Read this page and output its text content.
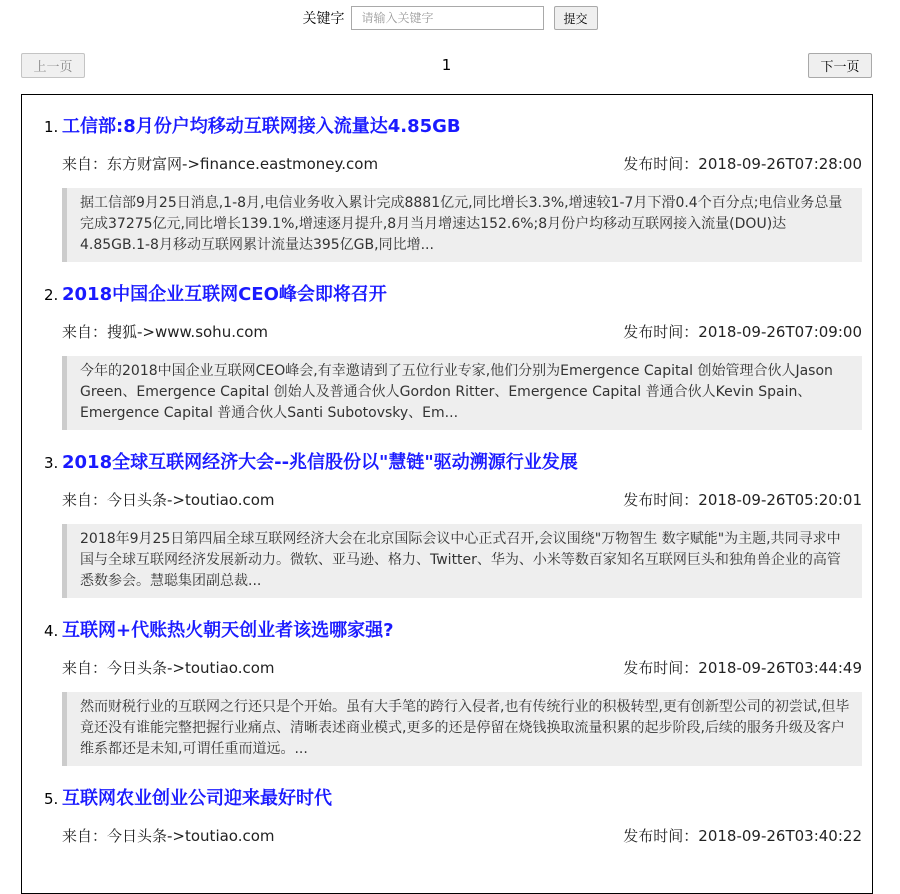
关键字
请输入关键字	提交
上一页	1	下一页
1. 工信部:8月份户均移动互联网接入流量达4.85GB
来自：东方财富网->finance.eastmoney.com	发布时间：2018-09-26T07:28:00
据工信部9月25日消息,1-8月,电信业务收入累计完成8881亿元,同比增长3.3%,增速较1-7月下滑0.4个百分点;电信业务总量完成37275亿元,同比增长139.1%,增速逐月提升,8月当月增速达152.6%;8月份户均移动互联网接入流量(DOU)达4.85GB.1-8月移动互联网累计流量达395亿GB,同比增...
2. 2018中国企业互联网CEO峰会即将召开
来自：搜狐->www.sohu.com	发布时间：2018-09-26T07:09:00
今年的2018中国企业互联网CEO峰会,有幸邀请到了五位行业专家,他们分别为Emergence Capital 创始管理合伙人Jason Green、Emergence Capital 创始人及普通合伙人Gordon Ritter、Emergence Capital 普通合伙人Kevin Spain、Emergence Capital 普通合伙人Santi Subotovsky、Em...
3. 2018全球互联网经济大会--兆信股份以"慧链"驱动溯源行业发展
来自：今日头条->toutiao.com	发布时间：2018-09-26T05:20:01
2018年9月25日第四届全球互联网经济大会在北京国际会议中心正式召开,会议围绕"万物智生 数字赋能"为主题,共同寻求中国与全球互联网经济发展新动力。微软、亚马逊、格力、Twitter、华为、小米等数百家知名互联网巨头和独角兽企业的高管悉数参会。慧聪集团副总裁...
4. 互联网+代账热火朝天创业者该选哪家强?
来自：今日头条->toutiao.com	发布时间：2018-09-26T03:44:49
然而财税行业的互联网之行还只是个开始。虽有大手笔的跨行入侵者,也有传统行业的积极转型,更有创新型公司的初尝试,但毕竟还没有谁能完整把握行业痛点、清晰表述商业模式,更多的还是停留在烧钱换取流量积累的起步阶段,后续的服务升级及客户维系都还是未知,可谓任重而道远。...
5. 互联网农业创业公司迎来最好时代
来自：今日头条->toutiao.com	发布时间：2018-09-26T03:40:22
